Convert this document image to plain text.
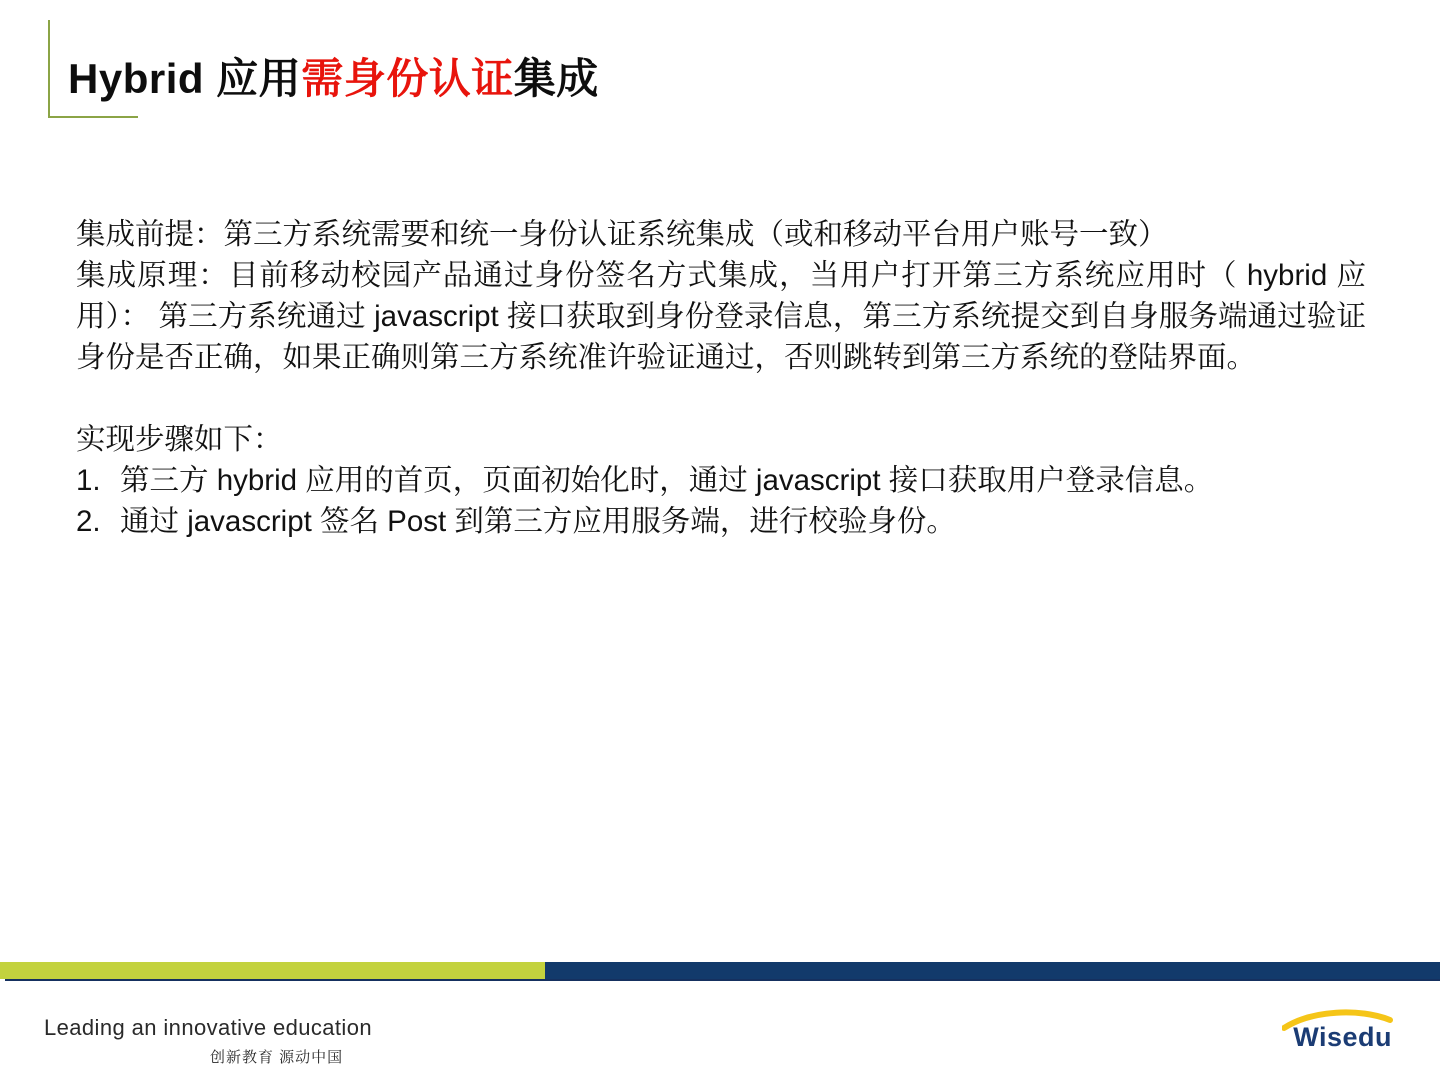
Hybrid 应用需身份认证集成

集成前提：第三方系统需要和统一身份认证系统集成（或和移动平台用户账号一致）

集成原理：目前移动校园产品通过身份签名方式集成，当用户打开第三方系统应用时（ hybrid 应用）： 第三方系统通过 javascript 接口获取到身份登录信息，第三方系统提交到自身服务端通过验证身份是否正确，如果正确则第三方系统准许验证通过，否则跳转到第三方系统的登陆界面。

实现步骤如下：

1. 第三方 hybrid 应用的首页，页面初始化时，通过 javascript 接口获取用户登录信息。
2. 通过 javascript 签名 Post 到第三方应用服务端，进行校验身份。
Leading an innovative education
创新教育 源动中国
Wisedu
